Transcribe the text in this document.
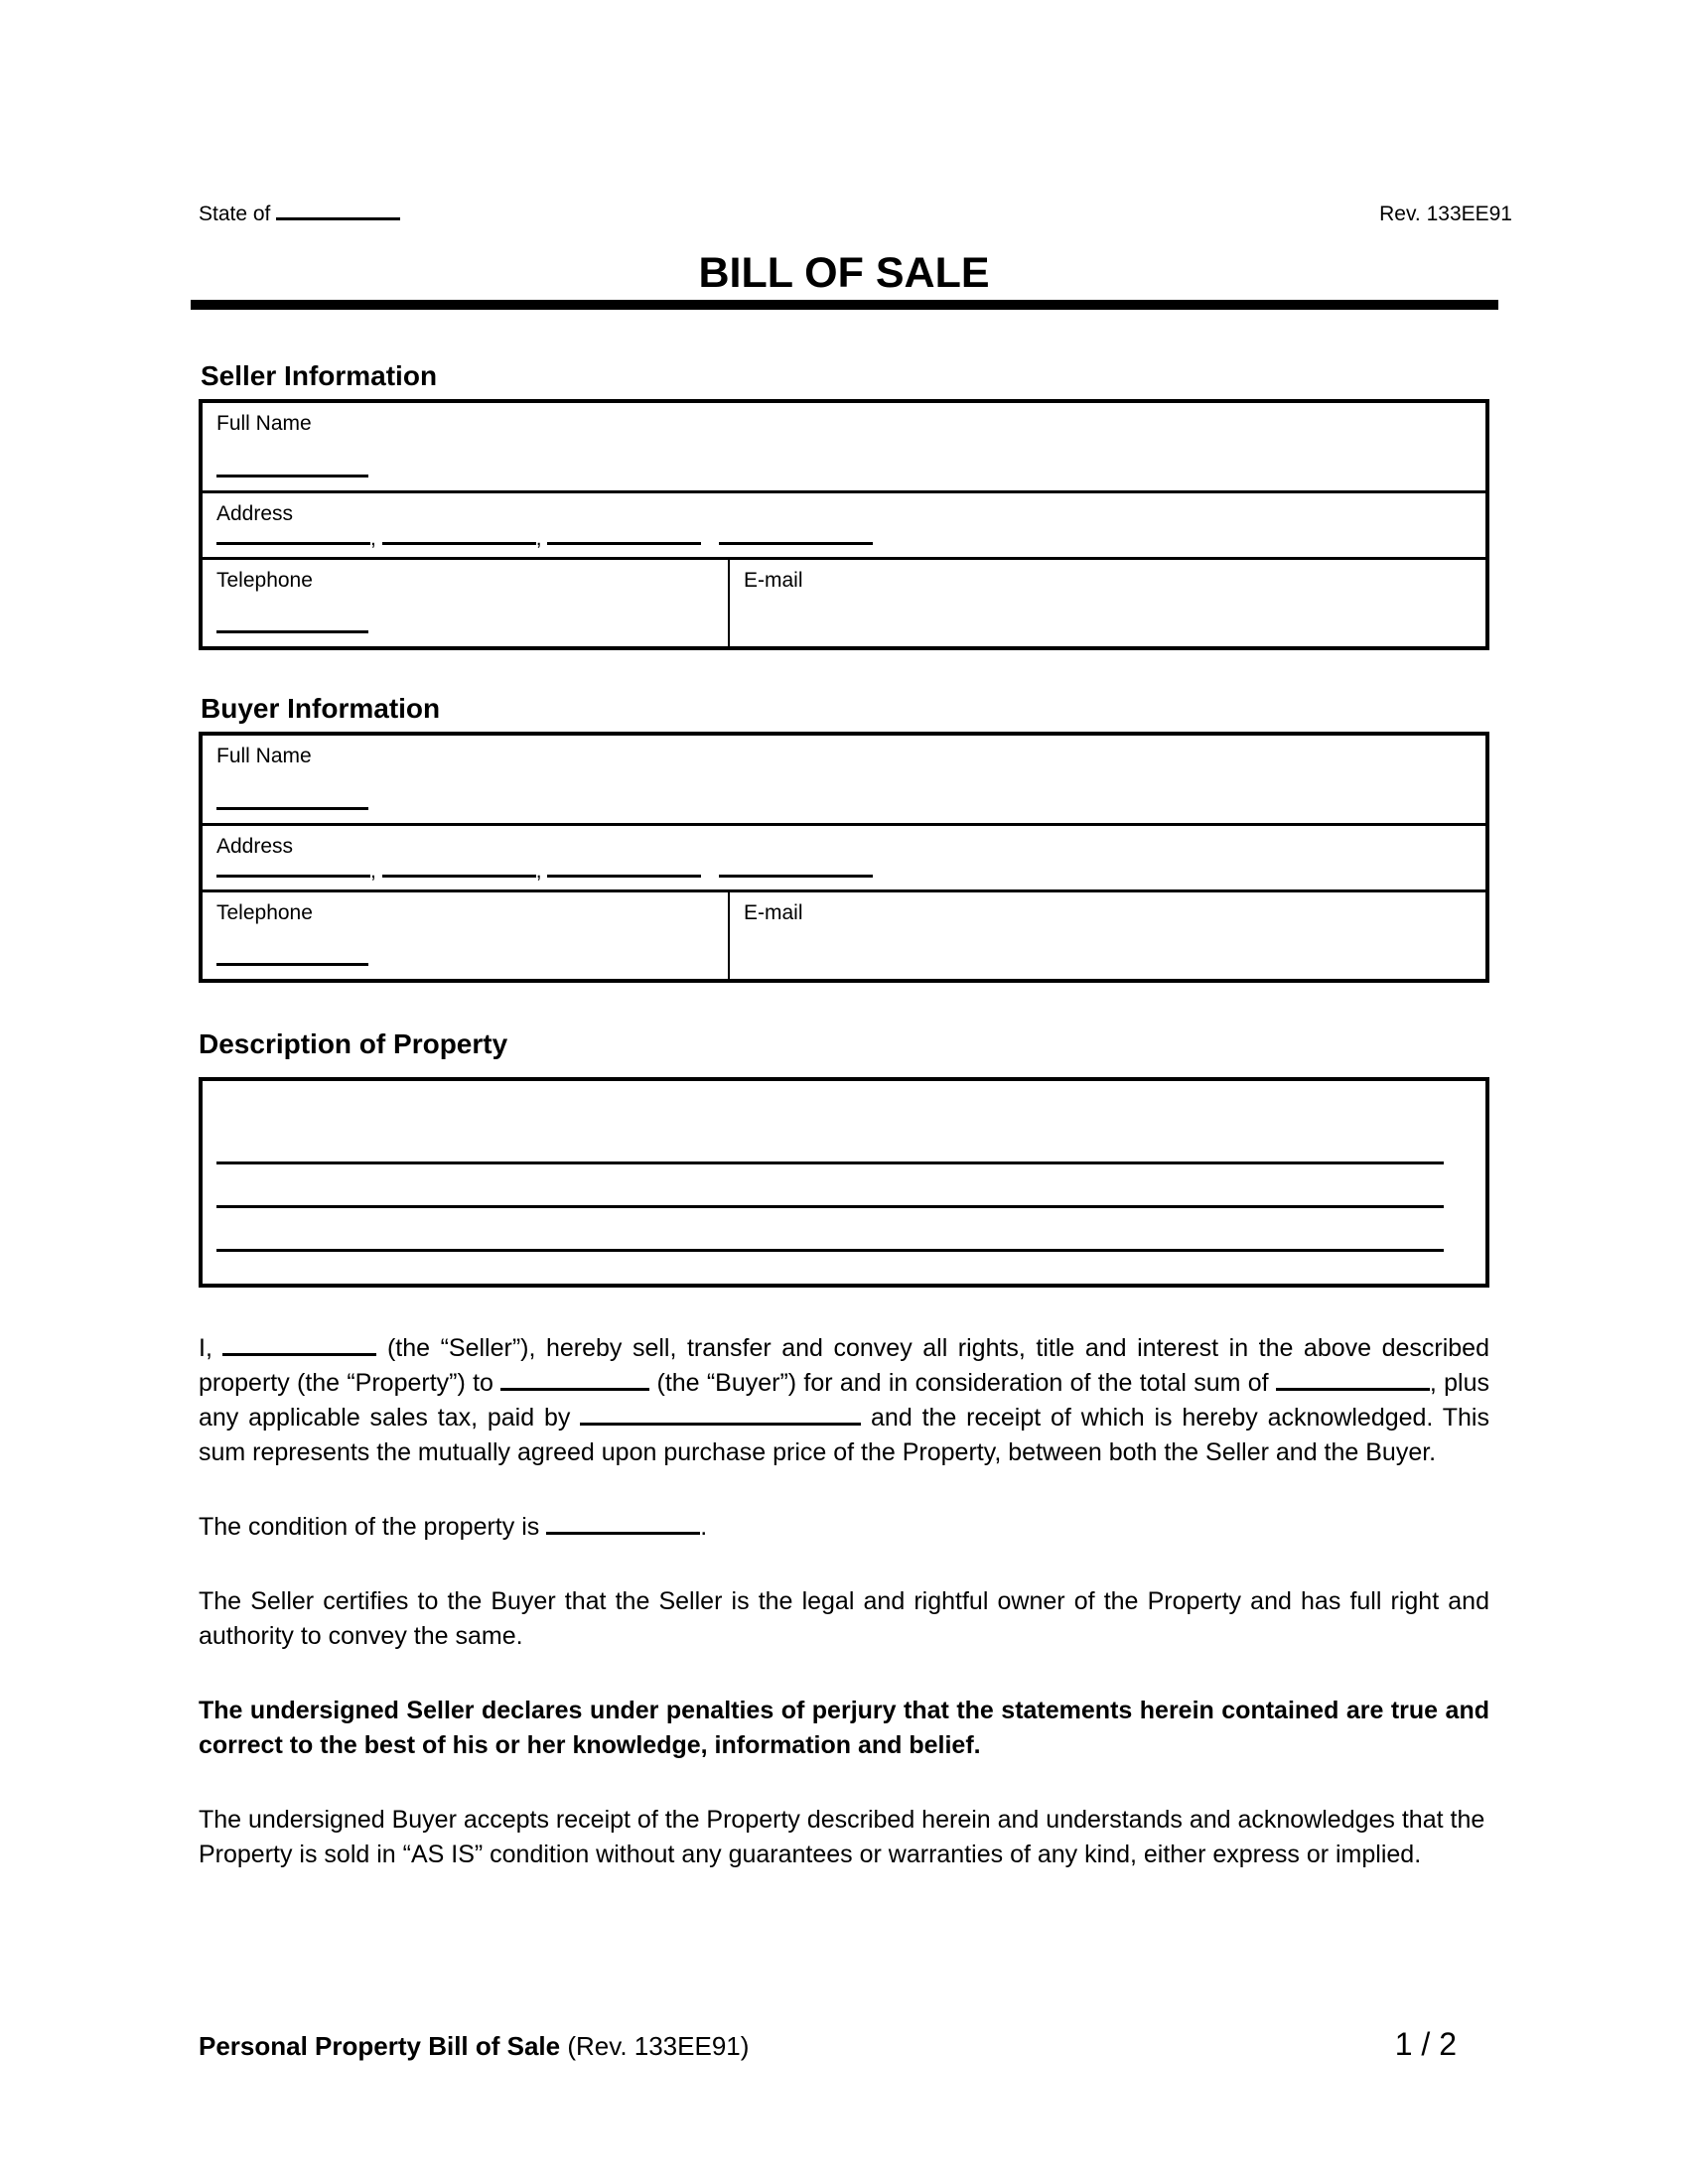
State of	Rev. 133EE91
BILL OF SALE
Seller Information
Full Name
Address
,	,
Telephone	E-mail
Buyer Information
Full Name
Address
,	,
Telephone	E-mail
Description of Property

I,	(the “Seller”), hereby sell, transfer and convey all rights, title and interest in the above described property (the “Property”) to	(the “Buyer”) for and in consideration of the total sum of	, plus any applicable sales tax, paid by	and the receipt of which is hereby acknowledged. This sum represents the mutually agreed upon purchase price of the Property, between both the Seller and the Buyer.

The condition of the property is	.

The Seller certifies to the Buyer that the Seller is the legal and rightful owner of the Property and has full right and authority to convey the same.

The undersigned Seller declares under penalties of perjury that the statements herein contained are true and correct to the best of his or her knowledge, information and belief.

The undersigned Buyer accepts receipt of the Property described herein and understands and acknowledges that the Property is sold in “AS IS” condition without any guarantees or warranties of any kind, either express or implied.

Personal Property Bill of Sale (Rev. 133EE91)	1 / 2
